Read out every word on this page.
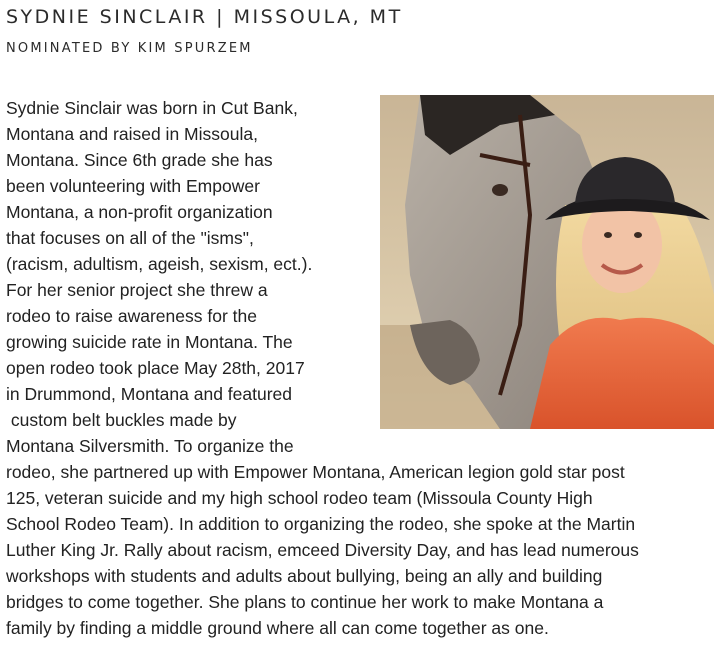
SYDNIE SINCLAIR | MISSOULA, MT
NOMINATED BY KIM SPURZEM
Sydnie Sinclair was born in Cut Bank,
Montana and raised in Missoula,
Montana. Since 6th grade she has
been volunteering with Empower
Montana, a non-profit organization
that focuses on all of the "isms",
(racism, adultism, ageish, sexism, ect.).
For her senior project she threw a
rodeo to raise awareness for the
growing suicide rate in Montana. The
open rodeo took place May 28th, 2017
in Drummond, Montana and featured
custom belt buckles made by
Montana Silversmith. To organize the
rodeo, she partnered up with Empower Montana, American legion gold star post
125, veteran suicide and my high school rodeo team (Missoula County High
School Rodeo Team). In addition to organizing the rodeo, she spoke at the Martin
Luther King Jr. Rally about racism, emceed Diversity Day, and has lead numerous
workshops with students and adults about bullying, being an ally and building
bridges to come together. She plans to continue her work to make Montana a
family by finding a middle ground where all can come together as one.
